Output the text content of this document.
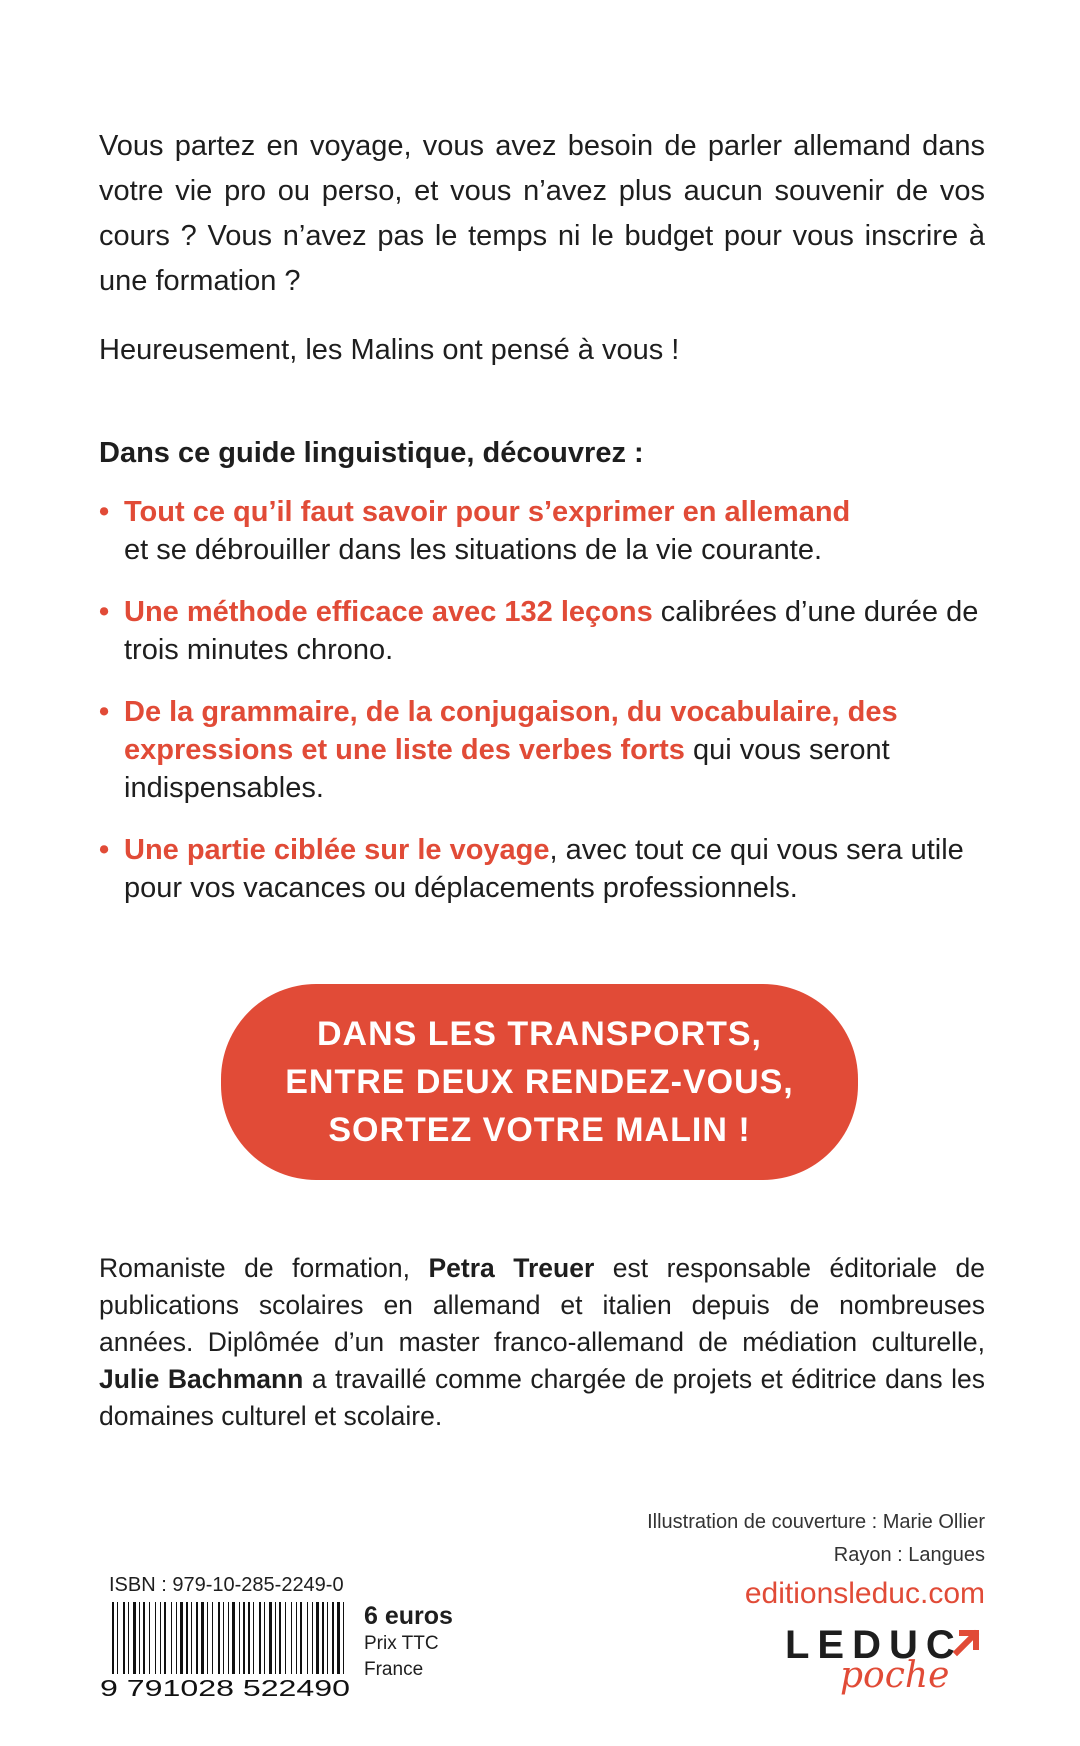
Vous partez en voyage, vous avez besoin de parler allemand dans votre vie pro ou perso, et vous n’avez plus aucun souvenir de vos cours ? Vous n’avez pas le temps ni le budget pour vous inscrire à une formation ?

Heureusement, les Malins ont pensé à vous !

Dans ce guide linguistique, découvrez :

• Tout ce qu’il faut savoir pour s’exprimer en allemand
et se débrouiller dans les situations de la vie courante.
• Une méthode efficace avec 132 leçons calibrées d’une durée de trois minutes chrono.
• De la grammaire, de la conjugaison, du vocabulaire, des expressions et une liste des verbes forts qui vous seront indispensables.
• Une partie ciblée sur le voyage, avec tout ce qui vous sera utile pour vos vacances ou déplacements professionnels.
DANS LES TRANSPORTS,
ENTRE DEUX RENDEZ-VOUS,
SORTEZ VOTRE MALIN !

Romaniste de formation, Petra Treuer est responsable éditoriale de publications scolaires en allemand et italien depuis de nombreuses années. Diplômée d’un master franco-allemand de médiation culturelle, Julie Bachmann a travaillé comme chargée de projets et éditrice dans les domaines culturel et scolaire.

Illustration de couverture : Marie Ollier
Rayon : Langues
editionsleduc.com
LEDUC
poche
ISBN : 979-10-285-2249-0
9 791028 522490
6 euros
Prix TTC
France
